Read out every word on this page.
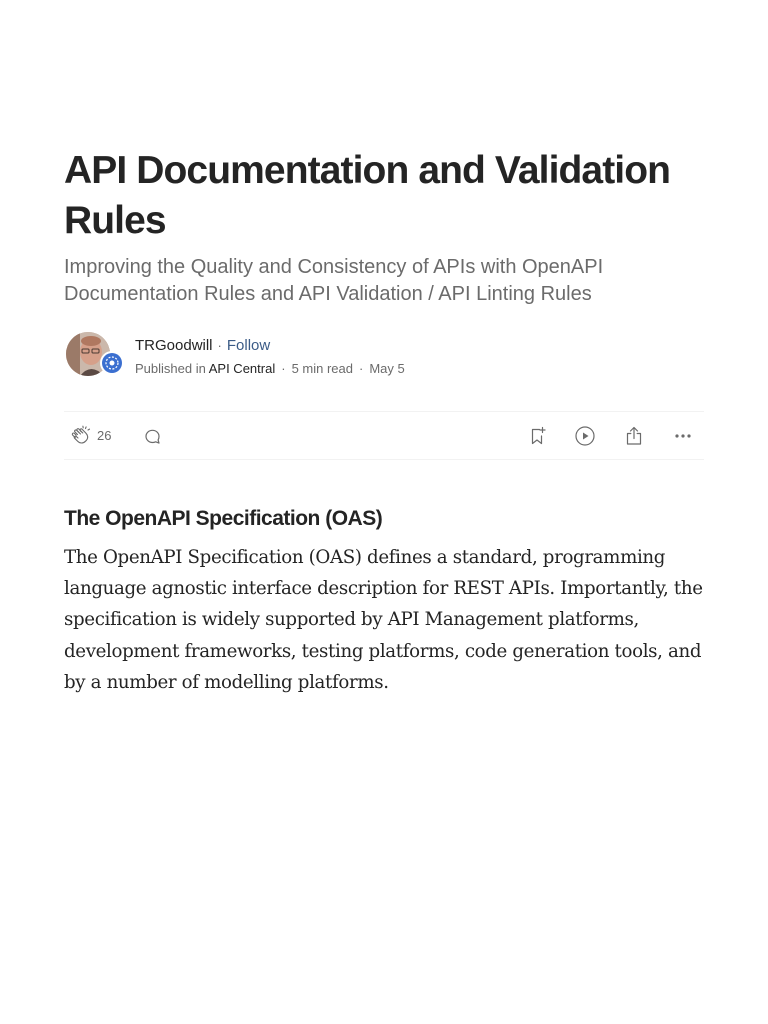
API Documentation and Validation Rules
Improving the Quality and Consistency of APIs with OpenAPI Documentation Rules and API Validation / API Linting Rules
TRGoodwill · Follow
Published in API Central · 5 min read · May 5
26
The OpenAPI Specification (OAS)

The OpenAPI Specification (OAS) defines a standard, programming language agnostic interface description for REST APIs. Importantly, the specification is widely supported by API Management platforms, development frameworks, testing platforms, code generation tools, and by a number of modelling platforms.
